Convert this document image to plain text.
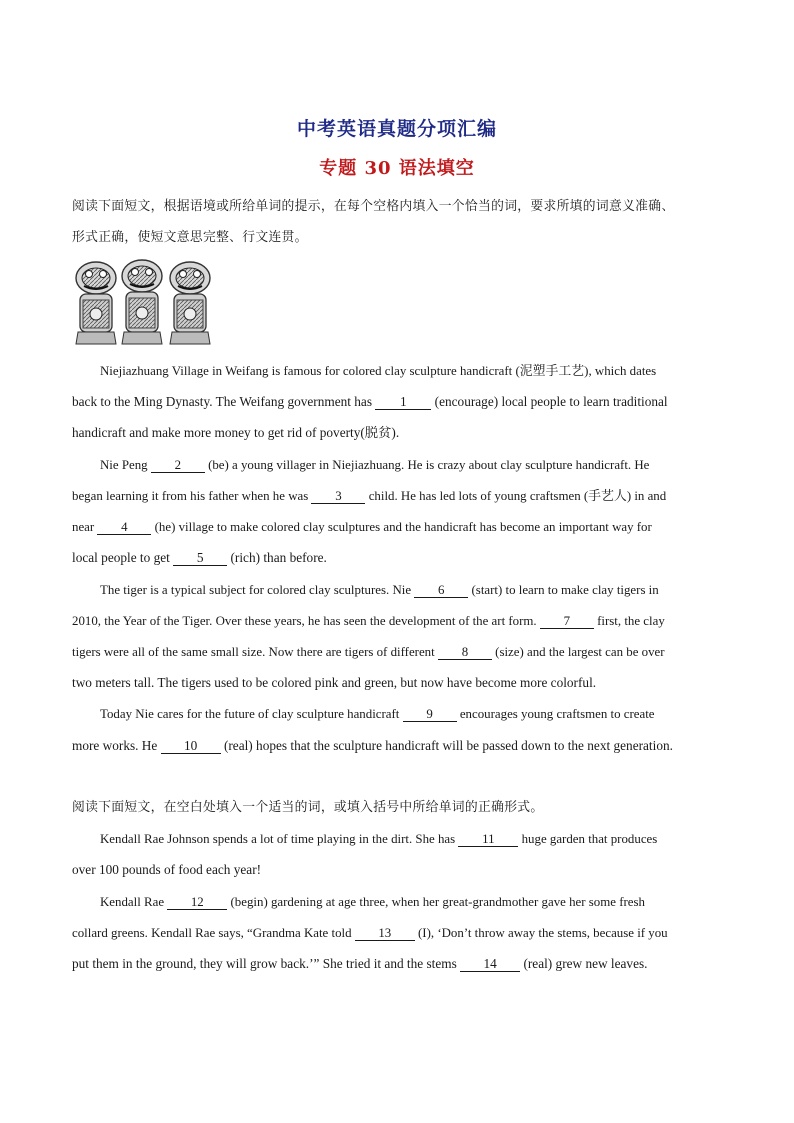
中考英语真题分项汇编
专题 30 语法填空
阅读下面短文，根据语境或所给单词的提示，在每个空格内填入一个恰当的词，要求所填的词意义准确、
形式正确，使短文意思完整、行文连贯。
Niejiazhuang Village in Weifang is famous for colored clay sculpture handicraft (泥塑手工艺), which dates
back to the Ming Dynasty. The Weifang government has 1 (encourage) local people to learn traditional
handicraft and make more money to get rid of poverty(脱贫).
Nie Peng 2 (be) a young villager in Niejiazhuang. He is crazy about clay sculpture handicraft. He
began learning it from his father when he was 3 child. He has led lots of young craftsmen (手艺人) in and
near 4 (he) village to make colored clay sculptures and the handicraft has become an important way for
local people to get 5 (rich) than before.
The tiger is a typical subject for colored clay sculptures. Nie 6 (start) to learn to make clay tigers in
2010, the Year of the Tiger. Over these years, he has seen the development of the art form. 7 first, the clay
tigers were all of the same small size. Now there are tigers of different 8 (size) and the largest can be over
two meters tall. The tigers used to be colored pink and green, but now have become more colorful.
Today Nie cares for the future of clay sculpture handicraft 9 encourages young craftsmen to create
more works. He 10 (real) hopes that the sculpture handicraft will be passed down to the next generation.
阅读下面短文，在空白处填入一个适当的词，或填入括号中所给单词的正确形式。
Kendall Rae Johnson spends a lot of time playing in the dirt. She has 11 huge garden that produces
over 100 pounds of food each year!
Kendall Rae 12 (begin) gardening at age three, when her great-grandmother gave her some fresh
collard greens. Kendall Rae says, “Grandma Kate told 13 (I), ‘Don’t throw away the stems, because if you
put them in the ground, they will grow back.’” She tried it and the stems 14 (real) grew new leaves.
